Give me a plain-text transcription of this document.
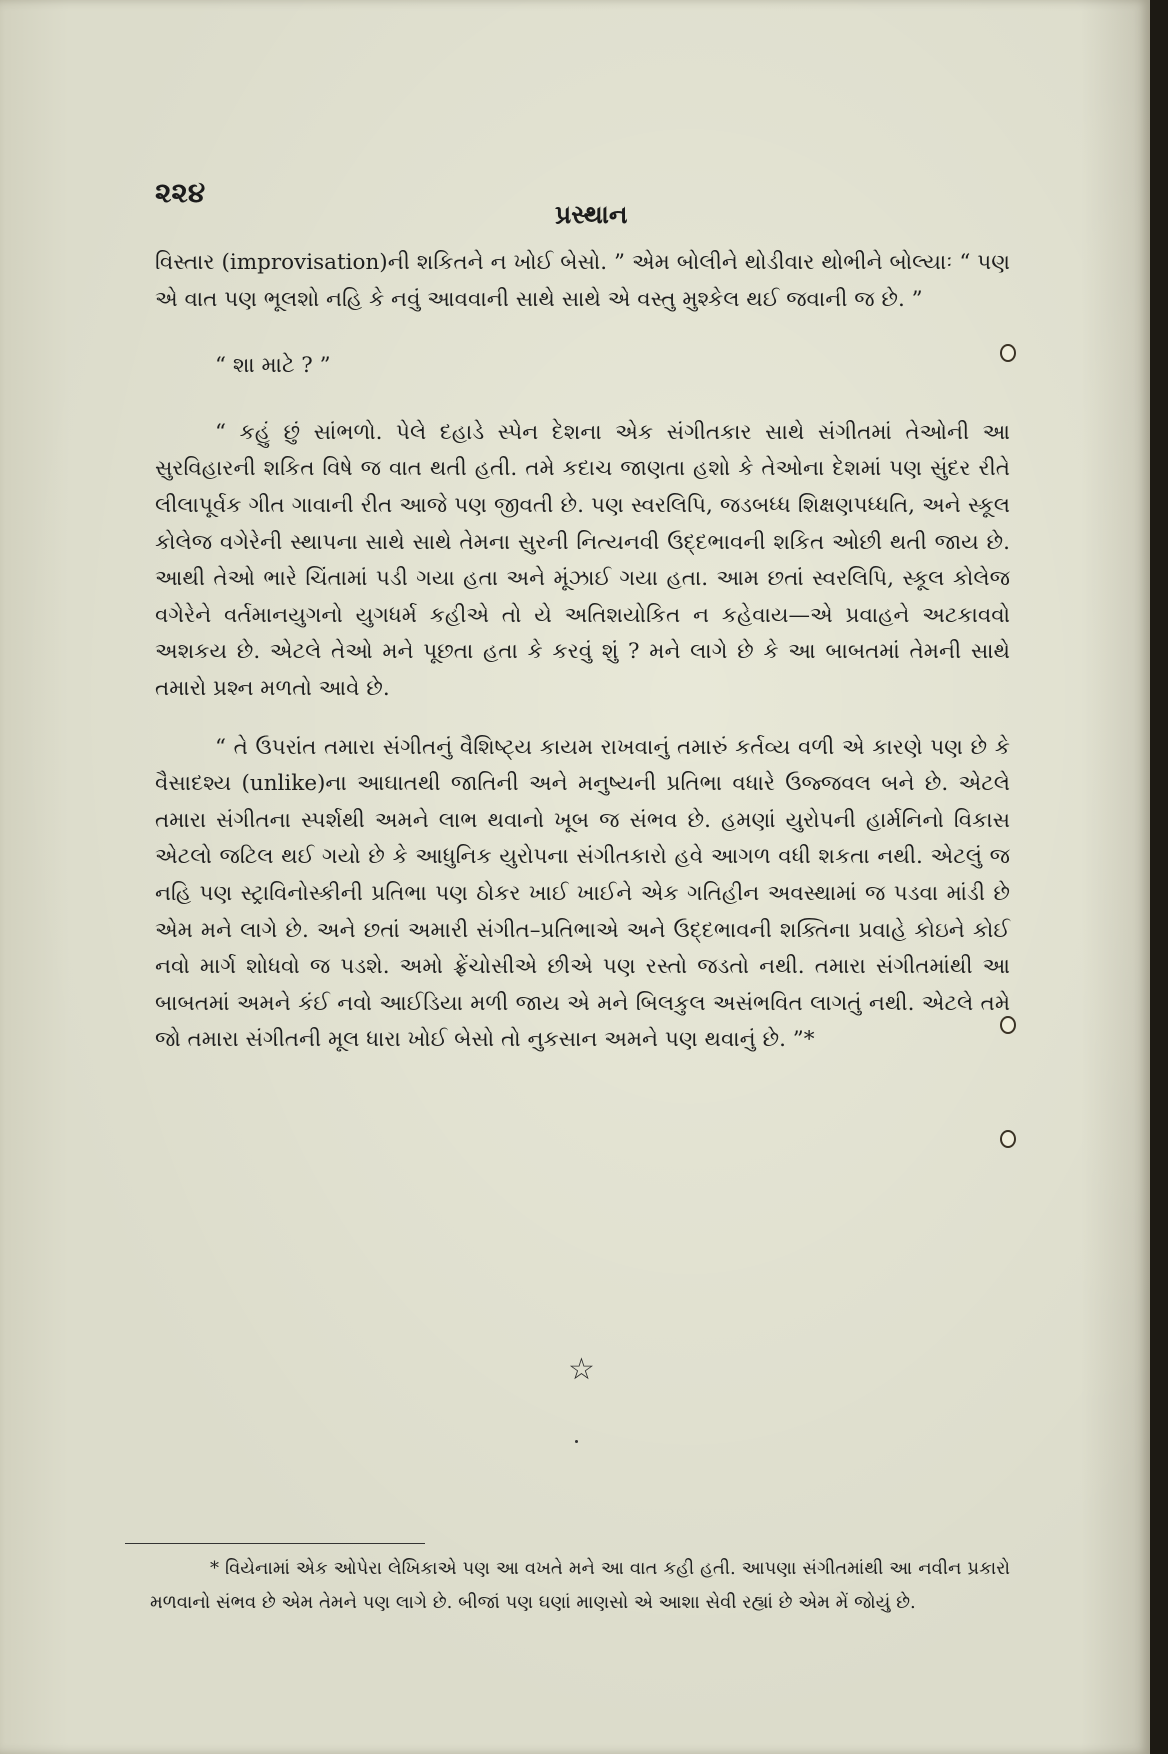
૨૨૪
પ્રસ્થાન

વિસ્તાર (improvisation)ની શકિતને ન ખોઈ બેસો. ” એમ બોલીને થોડીવાર થોભીને બોલ્યાઃ “ પણ એ વાત પણ ભૂલશો નહિ કે નવું આવવાની સાથે સાથે એ વસ્તુ મુશ્કેલ થઈ જવાની જ છે. ”

“ શા માટે ? ”

“ કહું છું સાંભળો. પેલે દહાડે સ્પેન દેશના એક સંગીતકાર સાથે સંગીતમાં તેઓની આ સુરવિહારની શકિત વિષે જ વાત થતી હતી. તમે કદાચ જાણતા હશો કે તેઓના દેશમાં પણ સુંદર રીતે લીલાપૂર્વક ગીત ગાવાની રીત આજે પણ જીવતી છે. પણ સ્વરલિપિ, જડબધ્ધ શિક્ષણપધ્ધતિ, અને સ્કૂલ કોલેજ વગેરેની સ્થાપના સાથે સાથે તેમના સુરની નિત્યનવી ઉદ્દભાવની શકિત ઓછી થતી જાય છે. આથી તેઓ ભારે ચિંતામાં પડી ગયા હતા અને મૂંઝાઈ ગયા હતા. આમ છતાં સ્વરલિપિ, સ્કૂલ કોલેજ વગેરેને વર્તમાનયુગનો યુગધર્મ કહીએ તો યે અતિશયોકિત ન કહેવાય—એ પ્રવાહને અટકાવવો અશકય છે. એટલે તેઓ મને પૂછતા હતા કે કરવું શું ? મને લાગે છે કે આ બાબતમાં તેમની સાથે તમારો પ્રશ્ન મળતો આવે છે.

“ તે ઉપરાંત તમારા સંગીતનું વૈશિષ્ટ્ય કાયમ રાખવાનું તમારું કર્તવ્ય વળી એ કારણે પણ છે કે વૈસાદશ્ય (unlike)ના આઘાતથી જાતિની અને મનુષ્યની પ્રતિભા વધારે ઉજ્જવલ બને છે. એટલે તમારા સંગીતના સ્પર્શથી અમને લાભ થવાનો ખૂબ જ સંભવ છે. હમણાં યુરોપની હાર્મનિનો વિકાસ એટલો જટિલ થઈ ગયો છે કે આધુનિક યુરોપના સંગીતકારો હવે આગળ વધી શકતા નથી. એટલું જ નહિ પણ સ્ટ્રાવિનોસ્કીની પ્રતિભા પણ ઠોકર ખાઈ ખાઈને એક ગતિહીન અવસ્થામાં જ પડવા માંડી છે એમ મને લાગે છે. અને છતાં અમારી સંગીત–પ્રતિભાએ અને ઉદ્દભાવની શક્તિના પ્રવાહે કોઇને કોઈ નવો માર્ગ શોધવો જ પડશે. અમો ફ્રેંચોસીએ છીએ પણ રસ્તો જડતો નથી. તમારા સંગીતમાંથી આ બાબતમાં અમને કંઈ નવો આઈડિયા મળી જાય એ મને બિલકુલ અસંભવિત લાગતું નથી. એટલે તમે જો તમારા સંગીતની મૂલ ધારા ખોઈ બેસો તો નુકસાન અમને પણ થવાનું છે. ”*

☆

* વિયેનામાં એક ઓપેરા લેખિકાએ પણ આ વખતે મને આ વાત કહી હતી. આપણા સંગીતમાંથી આ નવીન પ્રકારો મળવાનો સંભવ છે એમ તેમને પણ લાગે છે. બીજાં પણ ઘણાં માણસો એ આશા સેવી રહ્યાં છે એમ મેં જોયું છે.
